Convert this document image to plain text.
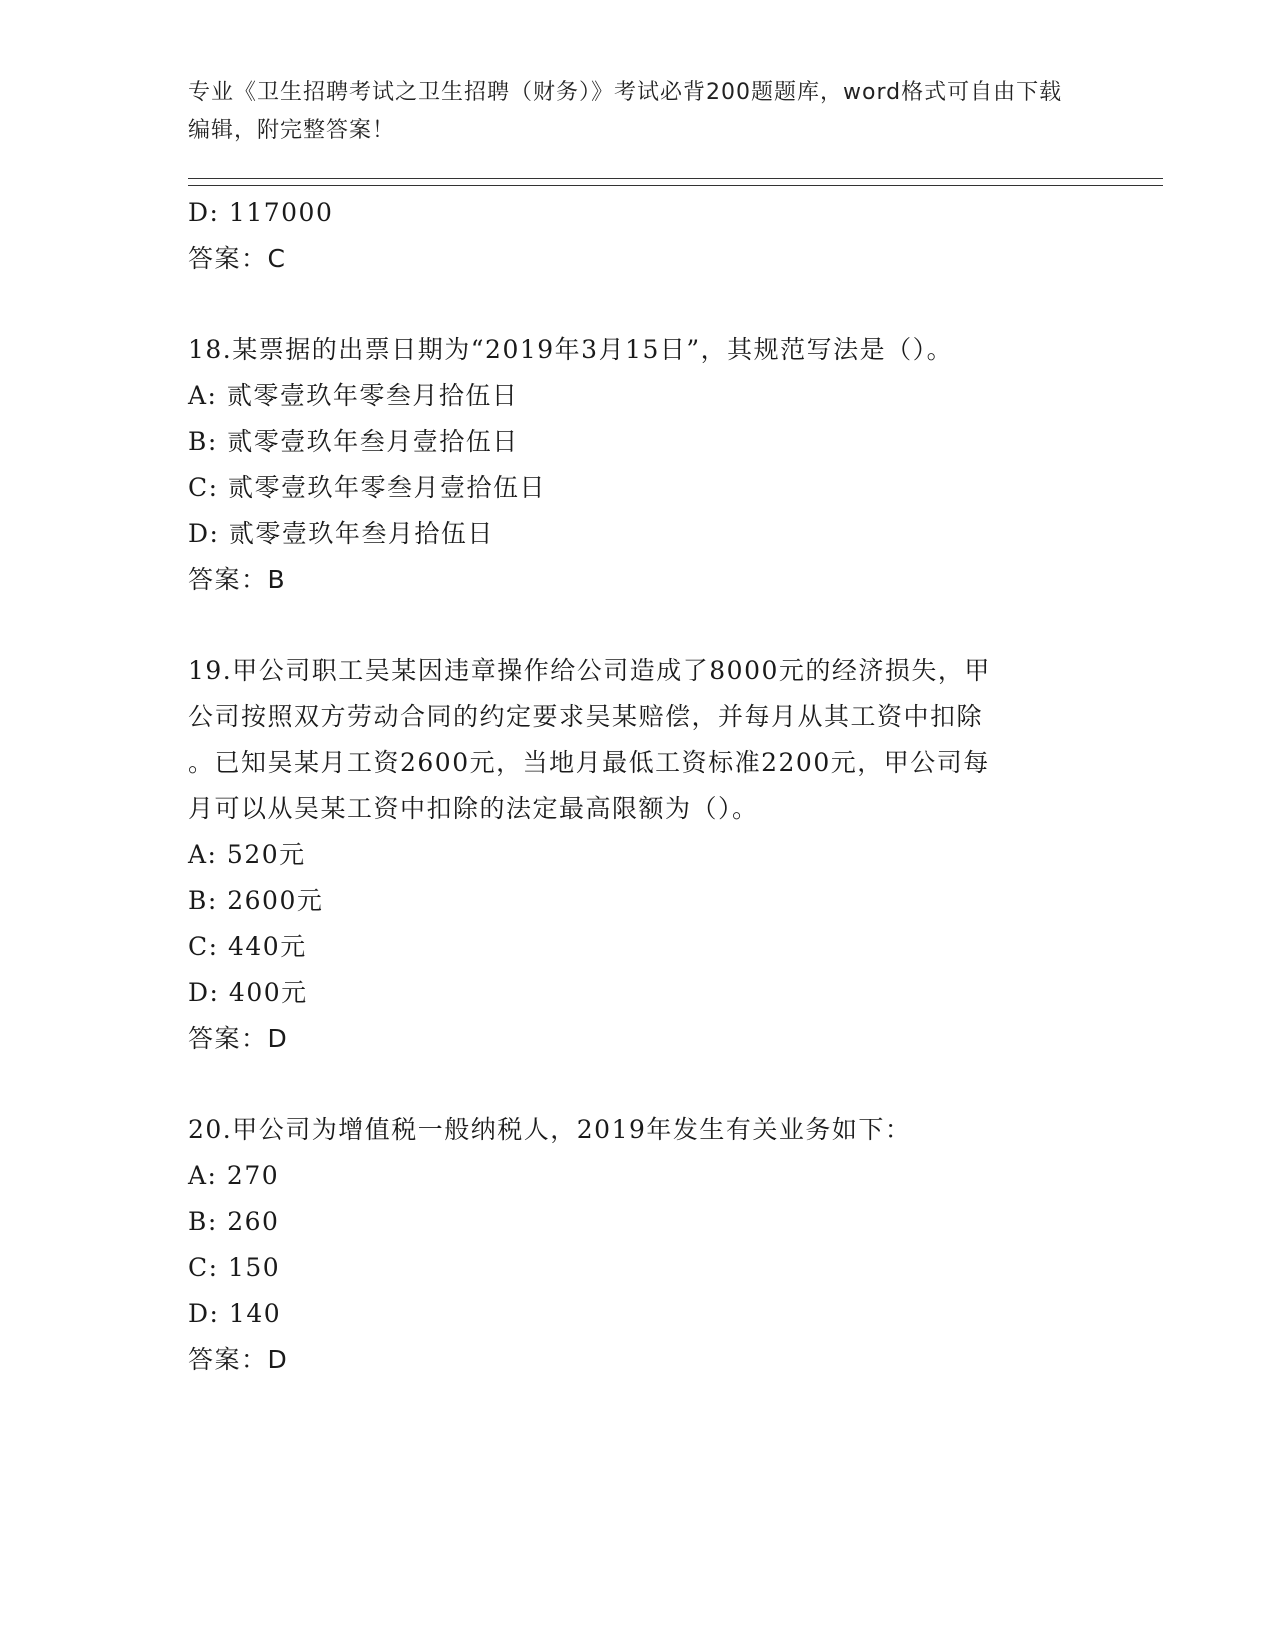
专业《卫生招聘考试之卫生招聘（财务）》考试必背200题题库，word格式可自由下载编辑，附完整答案！
D: 117000
答案：C
18.某票据的出票日期为“2019年3月15日”，其规范写法是（）。
A: 贰零壹玖年零叁月拾伍日
B: 贰零壹玖年叁月壹拾伍日
C: 贰零壹玖年零叁月壹拾伍日
D: 贰零壹玖年叁月拾伍日
答案：B
19.甲公司职工吴某因违章操作给公司造成了8000元的经济损失，甲
公司按照双方劳动合同的约定要求吴某赔偿，并每月从其工资中扣除
。已知吴某月工资2600元，当地月最低工资标准2200元，甲公司每
月可以从吴某工资中扣除的法定最高限额为（）。
A: 520元
B: 2600元
C: 440元
D: 400元
答案：D
20.甲公司为增值税一般纳税人，2019年发生有关业务如下：
A: 270
B: 260
C: 150
D: 140
答案：D
